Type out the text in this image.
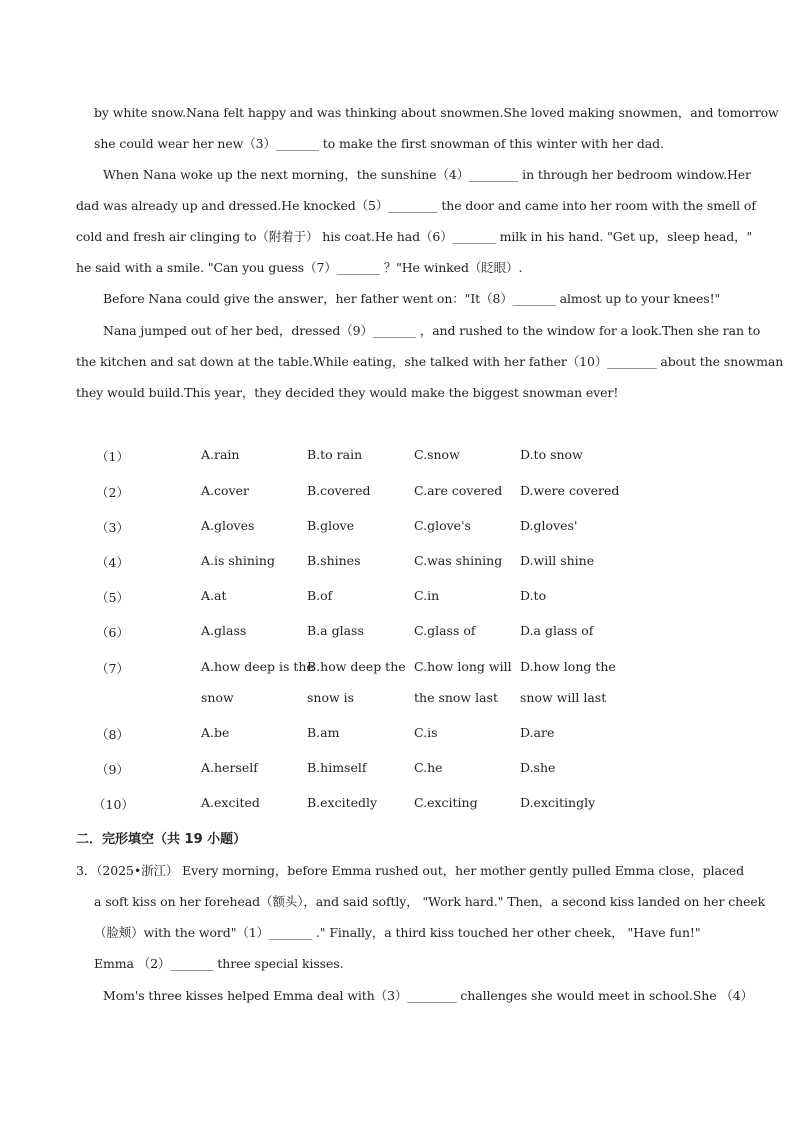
by white snow.Nana felt happy and was thinking about snowmen.She loved making snowmen，and tomorrow
she could wear her new（3）_______ to make the first snowman of this winter with her dad.
When Nana woke up the next morning，the sunshine（4）________ in through her bedroom window.Her
dad was already up and dressed.He knocked（5）________ the door and came into her room with the smell of
cold and fresh air clinging to（附着于） his coat.He had（6）_______ milk in his hand. "Get up，sleep head，"
he said with a smile. "Can you guess（7）_______ ？"He winked（眨眼）.
Before Nana could give the answer，her father went on："It（8）_______ almost up to your knees!"
Nana jumped out of her bed，dressed（9）_______ ，and rushed to the window for a look.Then she ran to
the kitchen and sat down at the table.While eating，she talked with her father（10）________ about the snowman
they would build.This year，they decided they would make the biggest snowman ever!
（1）	A.rain	B.to rain	C.snow	D.to snow
（2）	A.cover	B.covered	C.are covered D.were covered
（3）	A.gloves	B.glove	C.glove's	D.gloves'
（4）	A.is shining	B.shines	C.was shining D.will shine
（5）	A.at	B.of	C.in	D.to
（6）	A.glass	B.a glass	C.glass of	D.a glass of
（7）	A.how deep is the
snow
B.how deep the
snow is
C.how long will
the snow last
D.how long the
snow will last
（8）	A.be	B.am	C.is	D.are
（9）	A.herself	B.himself	C.he	D.she
（10）	A.excited	B.excitedly	C.exciting	D.excitingly
二．完形填空（共 19 小题）
3．（2025•浙江） Every morning，before Emma rushed out，her mother gently pulled Emma close，placed
a soft kiss on her forehead（额头），and said softly， "Work hard." Then，a second kiss landed on her cheek
（脸颊）with the word"（1）_______ ." Finally，a third kiss touched her other cheek， "Have fun!"
Emma （2）_______ three special kisses.
Mom's three kisses helped Emma deal with（3）________ challenges she would meet in school.She （4）
